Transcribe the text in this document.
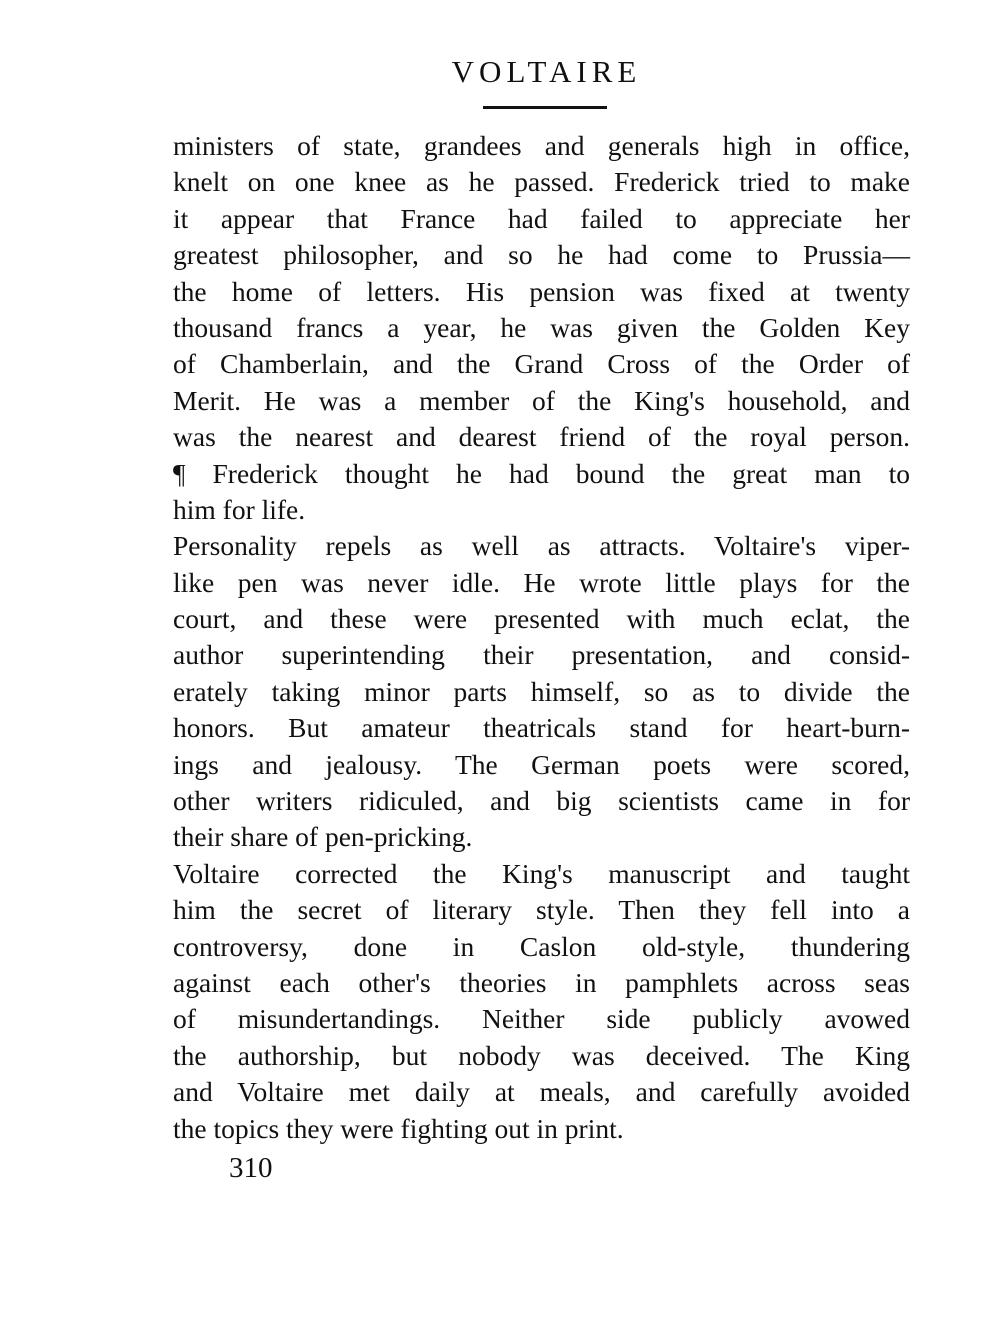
VOLTAIRE
ministers of state, grandees and generals high in office,
knelt on one knee as he passed. Frederick tried to make
it appear that France had failed to appreciate her
greatest philosopher, and so he had come to Prussia—
the home of letters. His pension was fixed at twenty
thousand francs a year, he was given the Golden Key
of Chamberlain, and the Grand Cross of the Order of
Merit. He was a member of the King's household, and
was the nearest and dearest friend of the royal person.
¶ Frederick thought he had bound the great man to
him for life.
Personality repels as well as attracts. Voltaire's viper-
like pen was never idle. He wrote little plays for the
court, and these were presented with much eclat, the
author superintending their presentation, and consid-
erately taking minor parts himself, so as to divide the
honors. But amateur theatricals stand for heart-burn-
ings and jealousy. The German poets were scored,
other writers ridiculed, and big scientists came in for
their share of pen-pricking.
Voltaire corrected the King's manuscript and taught
him the secret of literary style. Then they fell into a
controversy, done in Caslon old-style, thundering
against each other's theories in pamphlets across seas
of misundertandings. Neither side publicly avowed
the authorship, but nobody was deceived. The King
and Voltaire met daily at meals, and carefully avoided
the topics they were fighting out in print.
310
